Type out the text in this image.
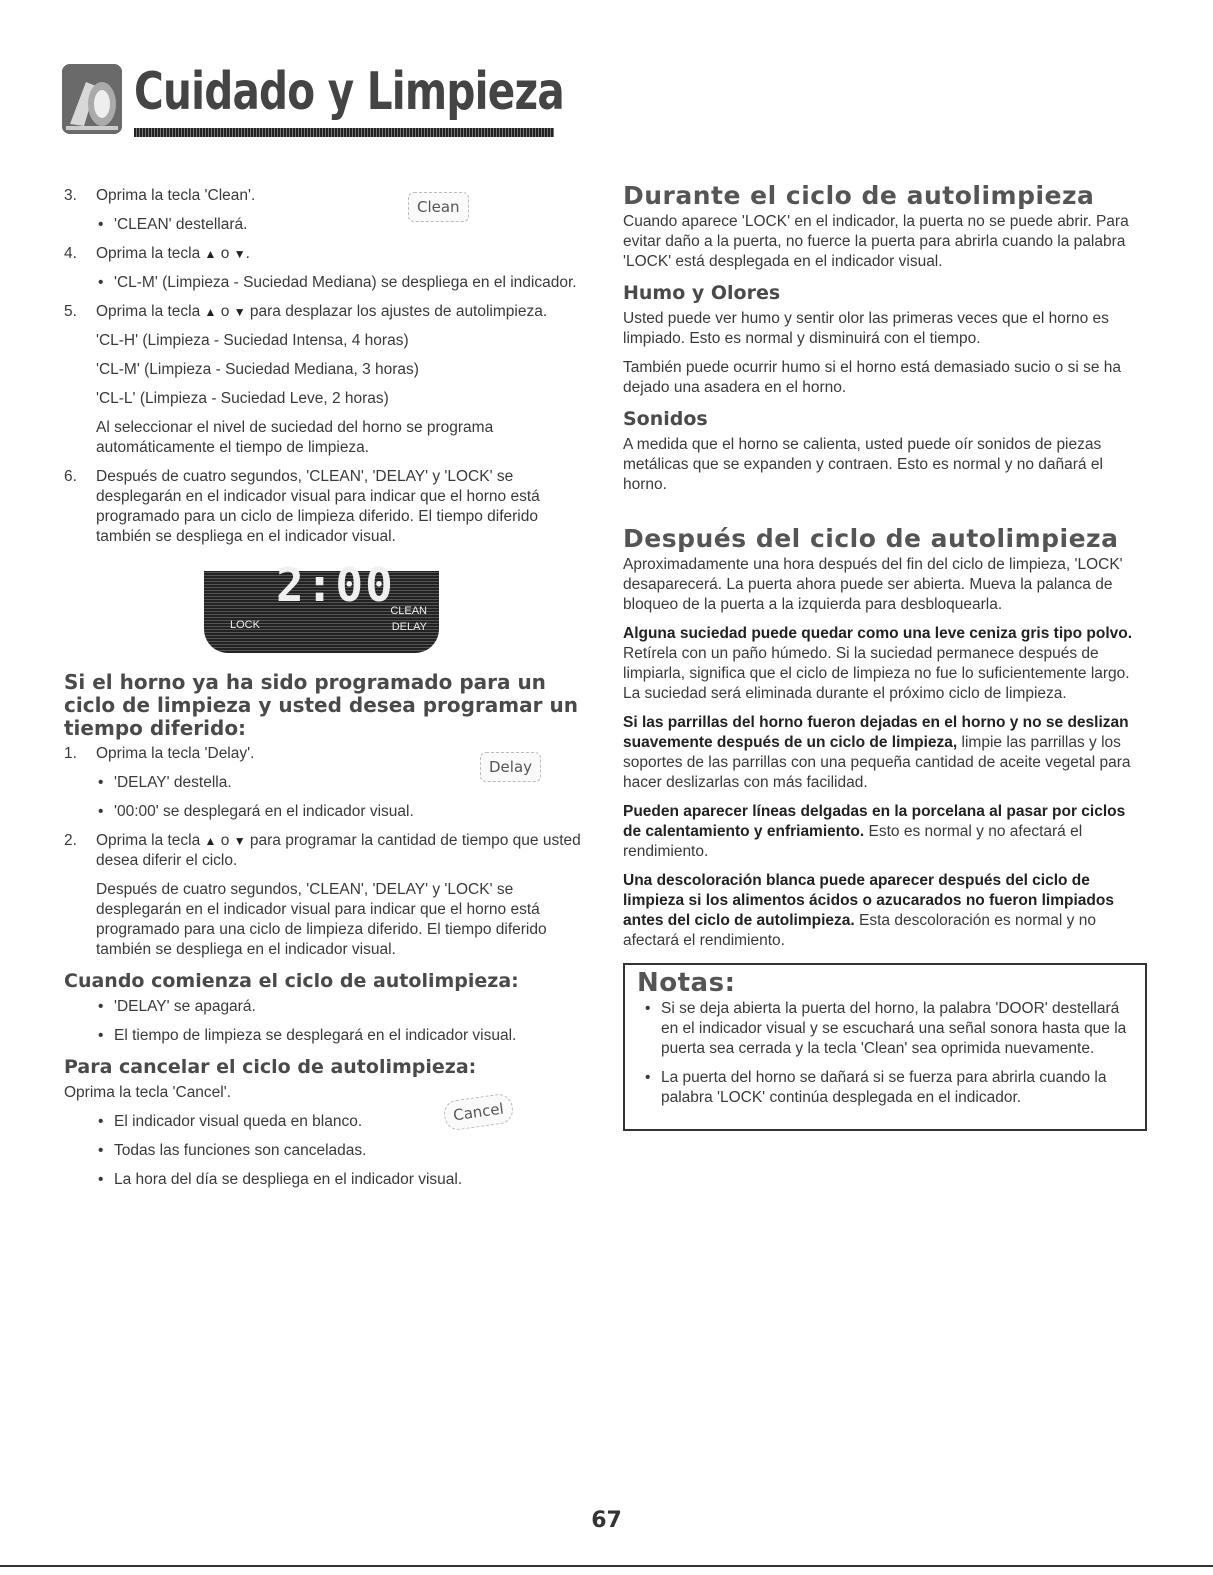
Cuidado y Limpieza
3. Oprima la tecla 'Clean'.
• 'CLEAN' destellará.
Clean
4. Oprima la tecla ▲ o ▼.
• 'CL-M' (Limpieza - Suciedad Mediana) se despliega en el indicador.
5. Oprima la tecla ▲ o ▼ para desplazar los ajustes de autolimpieza.
'CL-H' (Limpieza - Suciedad Intensa, 4 horas)
'CL-M' (Limpieza - Suciedad Mediana, 3 horas)
'CL-L' (Limpieza - Suciedad Leve, 2 horas)
Al seleccionar el nivel de suciedad del horno se programa automáticamente el tiempo de limpieza.
6. Después de cuatro segundos, 'CLEAN', 'DELAY' y 'LOCK' se desplegarán en el indicador visual para indicar que el horno está programado para un ciclo de limpieza diferido. El tiempo diferido también se despliega en el indicador visual.
2:00
LOCK
CLEAN
DELAY
Si el horno ya ha sido programado para un ciclo de limpieza y usted desea programar un tiempo diferido:
1. Oprima la tecla 'Delay'.
• 'DELAY' destella.
• '00:00' se desplegará en el indicador visual.
Delay
2. Oprima la tecla ▲ o ▼ para programar la cantidad de tiempo que usted desea diferir el ciclo.
Después de cuatro segundos, 'CLEAN', 'DELAY' y 'LOCK' se desplegarán en el indicador visual para indicar que el horno está programado para una ciclo de limpieza diferido. El tiempo diferido también se despliega en el indicador visual.
Cuando comienza el ciclo de autolimpieza:
• 'DELAY' se apagará.
• El tiempo de limpieza se desplegará en el indicador visual.
Para cancelar el ciclo de autolimpieza:

Oprima la tecla 'Cancel'.

• El indicador visual queda en blanco.
• Todas las funciones son canceladas.
• La hora del día se despliega en el indicador visual.
Cancel
Durante el ciclo de autolimpieza

Cuando aparece 'LOCK' en el indicador, la puerta no se puede abrir. Para evitar daño a la puerta, no fuerce la puerta para abrirla cuando la palabra 'LOCK' está desplegada en el indicador visual.

Humo y Olores

Usted puede ver humo y sentir olor las primeras veces que el horno es limpiado. Esto es normal y disminuirá con el tiempo.

También puede ocurrir humo si el horno está demasiado sucio o si se ha dejado una asadera en el horno.

Sonidos

A medida que el horno se calienta, usted puede oír sonidos de piezas metálicas que se expanden y contraen. Esto es normal y no dañará el horno.

Después del ciclo de autolimpieza

Aproximadamente una hora después del fin del ciclo de limpieza, 'LOCK' desaparecerá. La puerta ahora puede ser abierta. Mueva la palanca de bloqueo de la puerta a la izquierda para desbloquearla.

Alguna suciedad puede quedar como una leve ceniza gris tipo polvo. Retírela con un paño húmedo. Si la suciedad permanece después de limpiarla, significa que el ciclo de limpieza no fue lo suficientemente largo. La suciedad será eliminada durante el próximo ciclo de limpieza.

Si las parrillas del horno fueron dejadas en el horno y no se deslizan suavemente después de un ciclo de limpieza, limpie las parrillas y los soportes de las parrillas con una pequeña cantidad de aceite vegetal para hacer deslizarlas con más facilidad.

Pueden aparecer líneas delgadas en la porcelana al pasar por ciclos de calentamiento y enfriamiento. Esto es normal y no afectará el rendimiento.

Una descoloración blanca puede aparecer después del ciclo de limpieza si los alimentos ácidos o azucarados no fueron limpiados antes del ciclo de autolimpieza. Esta descoloración es normal y no afectará el rendimiento.

Notas:
• Si se deja abierta la puerta del horno, la palabra 'DOOR' destellará en el indicador visual y se escuchará una señal sonora hasta que la puerta sea cerrada y la tecla 'Clean' sea oprimida nuevamente.
• La puerta del horno se dañará si se fuerza para abrirla cuando la palabra 'LOCK' continúa desplegada en el indicador.
67
